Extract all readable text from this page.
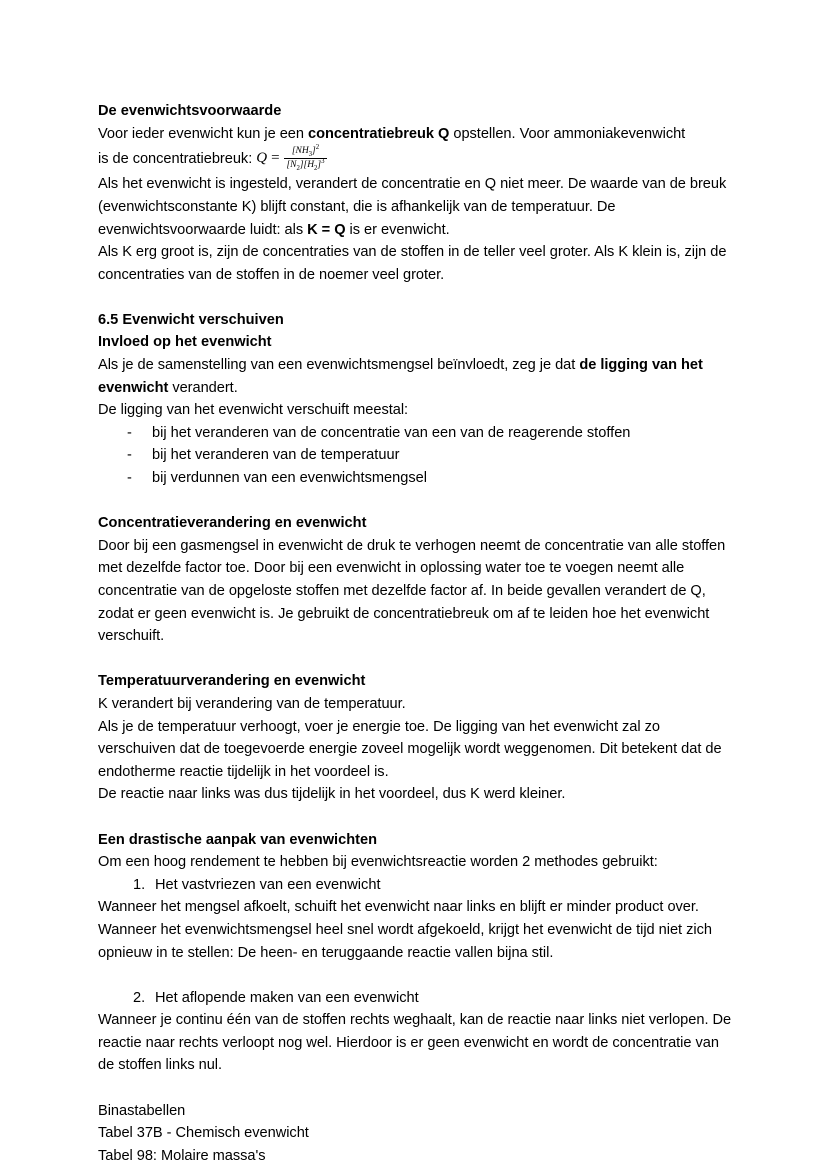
De evenwichtsvoorwaarde

Voor ieder evenwicht kun je een concentratiebreuk Q opstellen. Voor ammoniakevenwicht

is de concentratiebreuk: $Q = \frac{[NH_3]^2}{[N_2][H_2]^3}$

Als het evenwicht is ingesteld, verandert de concentratie en Q niet meer. De waarde van de breuk (evenwichtsconstante K) blijft constant, die is afhankelijk van de temperatuur. De evenwichtsvoorwaarde luidt: als K = Q is er evenwicht.

Als K erg groot is, zijn de concentraties van de stoffen in de teller veel groter. Als K klein is, zijn de concentraties van de stoffen in de noemer veel groter.

6.5 Evenwicht verschuiven

Invloed op het evenwicht

Als je de samenstelling van een evenwichtsmengsel beïnvloedt, zeg je dat de ligging van het evenwicht verandert.

De ligging van het evenwicht verschuift meestal:

- bij het veranderen van de concentratie van een van de reagerende stoffen
- bij het veranderen van de temperatuur
- bij verdunnen van een evenwichtsmengsel

Concentratieverandering en evenwicht

Door bij een gasmengsel in evenwicht de druk te verhogen neemt de concentratie van alle stoffen met dezelfde factor toe. Door bij een evenwicht in oplossing water toe te voegen neemt alle concentratie van de opgeloste stoffen met dezelfde factor af. In beide gevallen verandert de Q, zodat er geen evenwicht is. Je gebruikt de concentratiebreuk om af te leiden hoe het evenwicht verschuift.

Temperatuurverandering en evenwicht

K verandert bij verandering van de temperatuur.

Als je de temperatuur verhoogt, voer je energie toe. De ligging van het evenwicht zal zo verschuiven dat de toegevoerde energie zoveel mogelijk wordt weggenomen. Dit betekent dat de endotherme reactie tijdelijk in het voordeel is.

De reactie naar links was dus tijdelijk in het voordeel, dus K werd kleiner.

Een drastische aanpak van evenwichten

Om een hoog rendement te hebben bij evenwichtsreactie worden 2 methodes gebruikt:

1. Het vastvriezen van een evenwicht

Wanneer het mengsel afkoelt, schuift het evenwicht naar links en blijft er minder product over. Wanneer het evenwichtsmengsel heel snel wordt afgekoeld, krijgt het evenwicht de tijd niet zich opnieuw in te stellen: De heen- en teruggaande reactie vallen bijna stil.

2. Het aflopende maken van een evenwicht

Wanneer je continu één van de stoffen rechts weghaalt, kan de reactie naar links niet verlopen. De reactie naar rechts verloopt nog wel. Hierdoor is er geen evenwicht en wordt de concentratie van de stoffen links nul.

Binastabellen

Tabel 37B - Chemisch evenwicht

Tabel 98: Molaire massa's
